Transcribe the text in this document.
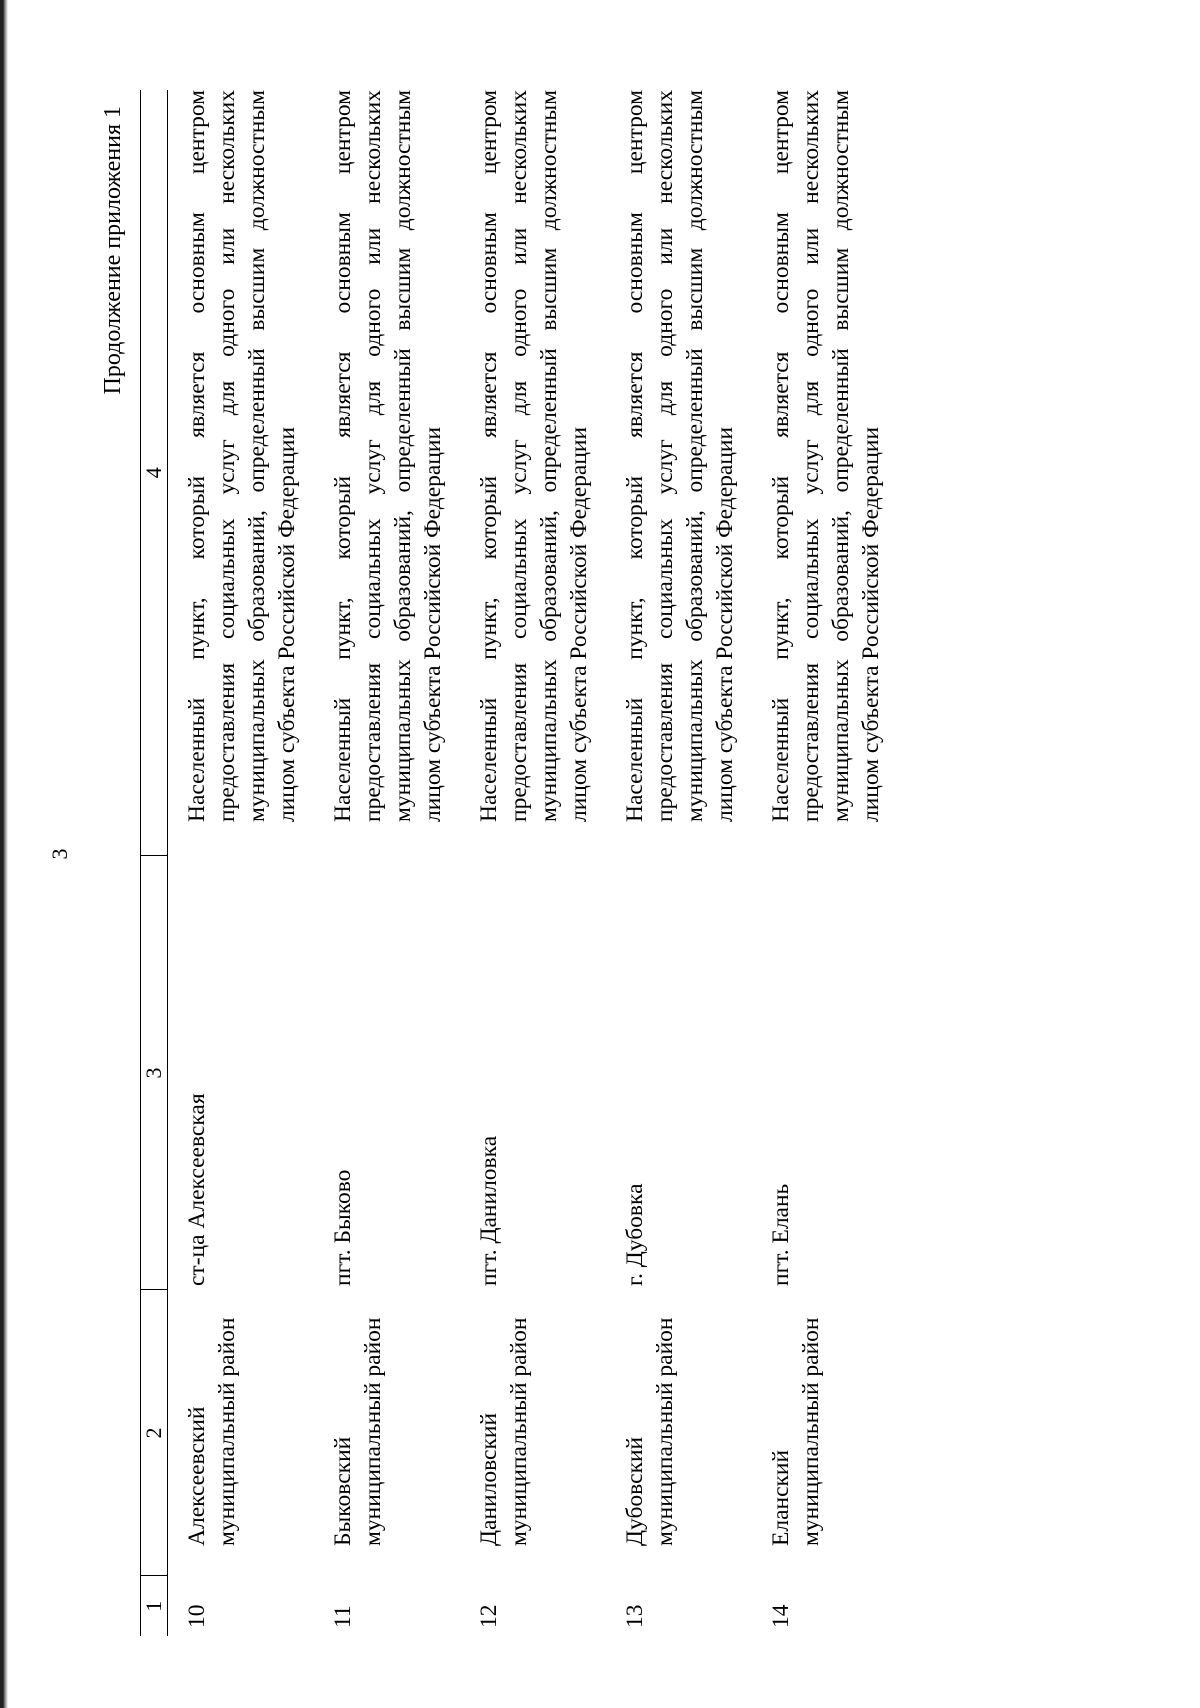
3
Продолжение приложения 1
1	2	3	4

10	Алексеевский муниципальный район	ст-ца Алексеевская	Населенный пункт, который является основным центром предоставления социальных услуг для одного или нескольких муниципальных образований, определенный высшим должностным лицом субъекта Российской Федерации

11	Быковский муниципальный район	пгт. Быково	Населенный пункт, который является основным центром предоставления социальных услуг для одного или нескольких муниципальных образований, определенный высшим должностным лицом субъекта Российской Федерации

12	Даниловский муниципальный район	пгт. Даниловка	Населенный пункт, который является основным центром предоставления социальных услуг для одного или нескольких муниципальных образований, определенный высшим должностным лицом субъекта Российской Федерации

13	Дубовский муниципальный район	г. Дубовка	Населенный пункт, который является основным центром предоставления социальных услуг для одного или нескольких муниципальных образований, определенный высшим должностным лицом субъекта Российской Федерации

14	Еланский муниципальный район	пгт. Елань	Населенный пункт, который является основным центром предоставления социальных услуг для одного или нескольких муниципальных образований, определенный высшим должностным лицом субъекта Российской Федерации
